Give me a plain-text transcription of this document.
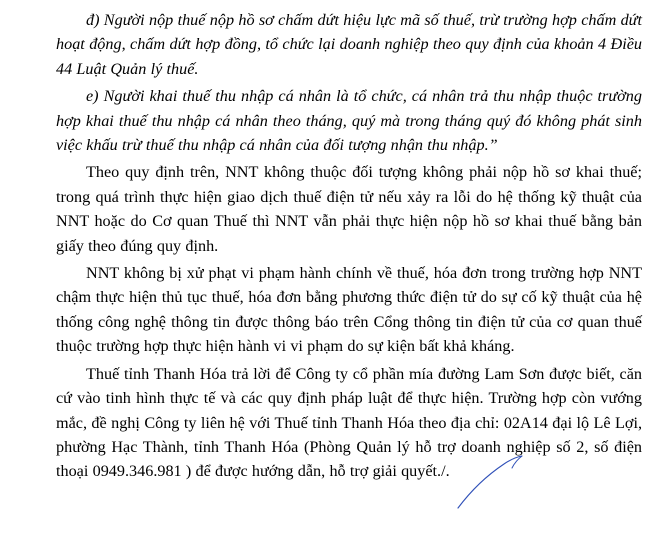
đ) Người nộp thuế nộp hồ sơ chấm dứt hiệu lực mã số thuế, trừ trường hợp chấm dứt hoạt động, chấm dứt hợp đồng, tổ chức lại doanh nghiệp theo quy định của khoản 4 Điều 44 Luật Quản lý thuế.

e) Người khai thuế thu nhập cá nhân là tổ chức, cá nhân trả thu nhập thuộc trường hợp khai thuế thu nhập cá nhân theo tháng, quý mà trong tháng quý đó không phát sinh việc khấu trừ thuế thu nhập cá nhân của đối tượng nhận thu nhập.”

Theo quy định trên, NNT không thuộc đối tượng không phải nộp hồ sơ khai thuế; trong quá trình thực hiện giao dịch thuế điện tử nếu xảy ra lỗi do hệ thống kỹ thuật của NNT hoặc do Cơ quan Thuế thì NNT vẫn phải thực hiện nộp hồ sơ khai thuế bằng bản giấy theo đúng quy định.

NNT không bị xử phạt vi phạm hành chính về thuế, hóa đơn trong trường hợp NNT chậm thực hiện thủ tục thuế, hóa đơn bằng phương thức điện tử do sự cố kỹ thuật của hệ thống công nghệ thông tin được thông báo trên Cổng thông tin điện tử của cơ quan thuế thuộc trường hợp thực hiện hành vi vi phạm do sự kiện bất khả kháng.

Thuế tỉnh Thanh Hóa trả lời để Công ty cổ phần mía đường Lam Sơn được biết, căn cứ vào tinh hình thực tế và các quy định pháp luật để thực hiện. Trường hợp còn vướng mắc, đề nghị Công ty liên hệ với Thuế tỉnh Thanh Hóa theo địa chỉ: 02A14 đại lộ Lê Lợi, phường Hạc Thành, tỉnh Thanh Hóa (Phòng Quản lý hỗ trợ doanh nghiệp số 2, số điện thoại 0949.346.981 ) để được hướng dẫn, hỗ trợ giải quyết./.
